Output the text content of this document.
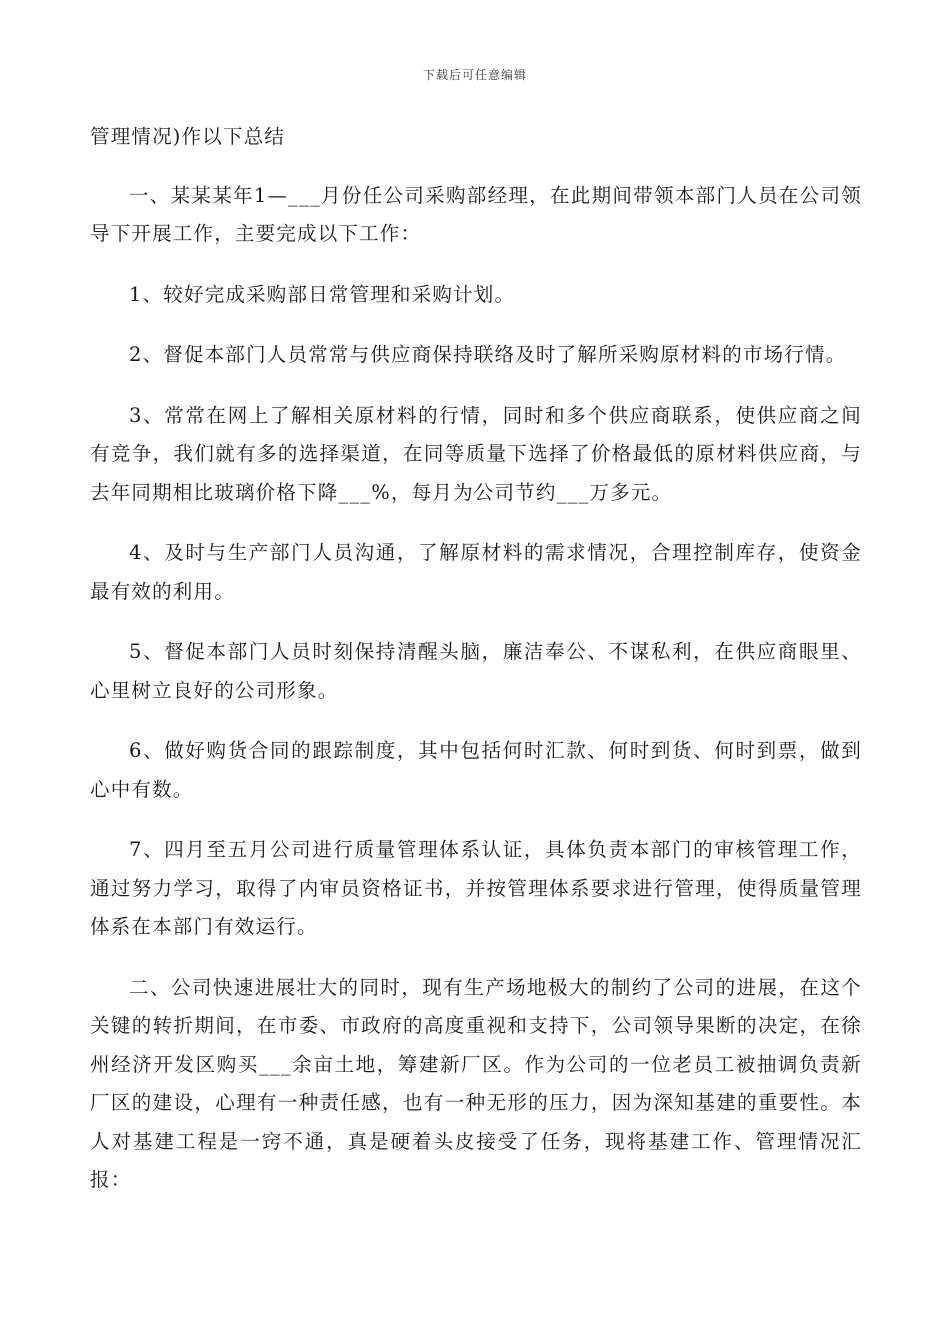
下载后可任意编辑

管理情况)作以下总结

一、某某某年1—___月份任公司采购部经理，在此期间带领本部门人员在公司领导下开展工作，主要完成以下工作：

1、较好完成采购部日常管理和采购计划。

2、督促本部门人员常常与供应商保持联络及时了解所采购原材料的市场行情。

3、常常在网上了解相关原材料的行情，同时和多个供应商联系，使供应商之间有竞争，我们就有多的选择渠道，在同等质量下选择了价格最低的原材料供应商，与去年同期相比玻璃价格下降___%，每月为公司节约___万多元。

4、及时与生产部门人员沟通，了解原材料的需求情况，合理控制库存，使资金最有效的利用。

5、督促本部门人员时刻保持清醒头脑，廉洁奉公、不谋私利，在供应商眼里、心里树立良好的公司形象。

6、做好购货合同的跟踪制度，其中包括何时汇款、何时到货、何时到票，做到心中有数。

7、四月至五月公司进行质量管理体系认证，具体负责本部门的审核管理工作，通过努力学习，取得了内审员资格证书，并按管理体系要求进行管理，使得质量管理体系在本部门有效运行。

二、公司快速进展壮大的同时，现有生产场地极大的制约了公司的进展，在这个关键的转折期间，在市委、市政府的高度重视和支持下，公司领导果断的决定，在徐州经济开发区购买___余亩土地，筹建新厂区。作为公司的一位老员工被抽调负责新厂区的建设，心理有一种责任感，也有一种无形的压力，因为深知基建的重要性。本人对基建工程是一窍不通，真是硬着头皮接受了任务，现将基建工作、管理情况汇报：
